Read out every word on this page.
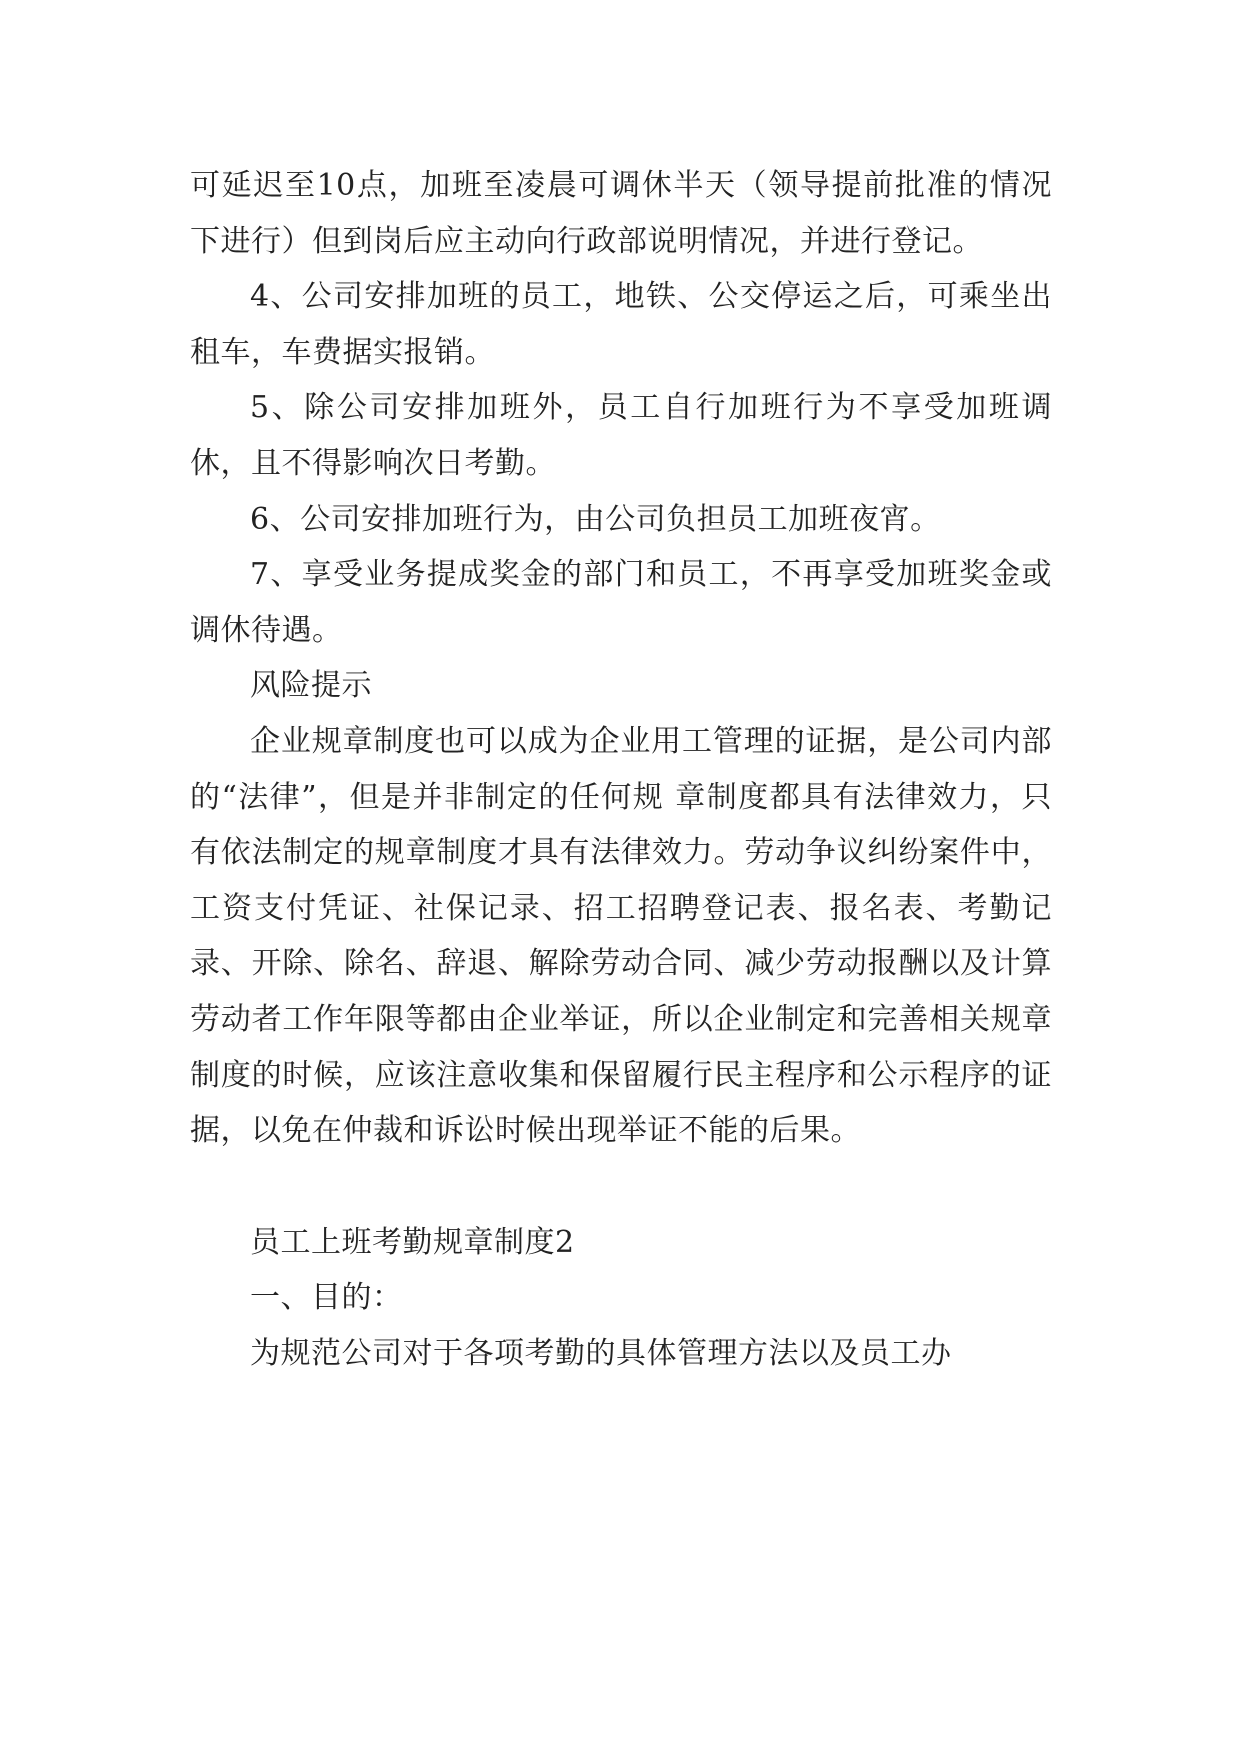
可延迟至10点，加班至凌晨可调休半天（领导提前批准的情况下进行）但到岗后应主动向行政部说明情况，并进行登记。

4、公司安排加班的员工，地铁、公交停运之后，可乘坐出租车，车费据实报销。

5、除公司安排加班外，员工自行加班行为不享受加班调休，且不得影响次日考勤。

6、公司安排加班行为，由公司负担员工加班夜宵。

7、享受业务提成奖金的部门和员工，不再享受加班奖金或调休待遇。

风险提示

企业规章制度也可以成为企业用工管理的证据，是公司内部的“法律”，但是并非制定的任何规 章制度都具有法律效力，只有依法制定的规章制度才具有法律效力。劳动争议纠纷案件中，工资支付凭证、社保记录、招工招聘登记表、报名表、考勤记录、开除、除名、辞退、解除劳动合同、减少劳动报酬以及计算劳动者工作年限等都由企业举证，所以企业制定和完善相关规章制度的时候，应该注意收集和保留履行民主程序和公示程序的证据，以免在仲裁和诉讼时候出现举证不能的后果。

员工上班考勤规章制度2

一、目的：

为规范公司对于各项考勤的具体管理方法以及员工办
